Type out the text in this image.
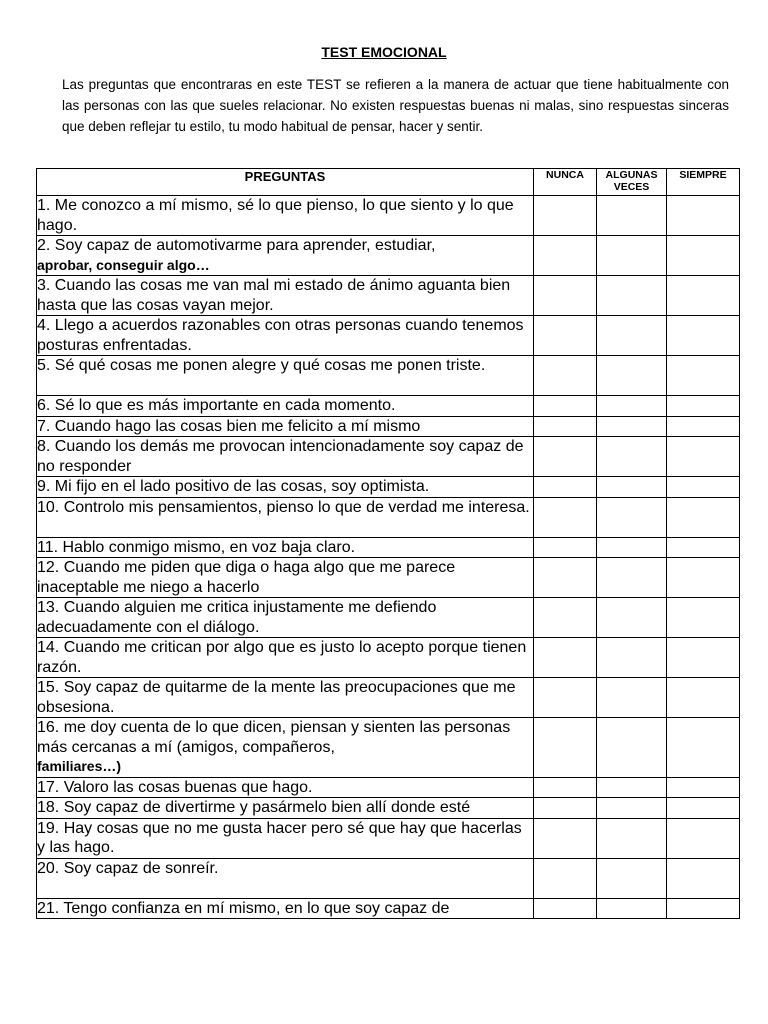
TEST EMOCIONAL
Las preguntas que encontraras en este TEST se refieren a la manera de actuar que tiene habitualmente con las personas con las que sueles relacionar. No existen respuestas buenas ni malas, sino respuestas sinceras que deben reflejar tu estilo, tu modo habitual de pensar, hacer y sentir.
PREGUNTAS	NUNCA	ALGUNAS VECES	SIEMPRE
1. Me conozco a mí mismo, sé lo que pienso, lo que siento y lo que hago.			
2. Soy capaz de automotivarme para aprender, estudiar,
aprobar, conseguir algo…			
3. Cuando las cosas me van mal mi estado de ánimo aguanta bien hasta que las cosas vayan mejor.			
4. Llego a acuerdos razonables con otras personas cuando tenemos posturas enfrentadas.			
5. Sé qué cosas me ponen alegre y qué cosas me ponen triste.			
6. Sé lo que es más importante en cada momento.			
7. Cuando hago las cosas bien me felicito a mí mismo			
8. Cuando los demás me provocan intencionadamente soy capaz de no responder			
9. Mi fijo en el lado positivo de las cosas, soy optimista.			
10. Controlo mis pensamientos, pienso lo que de verdad me interesa.			
11. Hablo conmigo mismo, en voz baja claro.			
12. Cuando me piden que diga o haga algo que me parece inaceptable me niego a hacerlo			
13. Cuando alguien me critica injustamente me defiendo adecuadamente con el diálogo.			
14. Cuando me critican por algo que es justo lo acepto porque tienen razón.			
15. Soy capaz de quitarme de la mente las preocupaciones que me obsesiona.			
16. me doy cuenta de lo que dicen, piensan y sienten las personas más cercanas a mí (amigos, compañeros,
familiares…)			
17. Valoro las cosas buenas que hago.			
18. Soy capaz de divertirme y pasármelo bien allí donde esté			
19. Hay cosas que no me gusta hacer pero sé que hay que hacerlas y las hago.			
20. Soy capaz de sonreír.			
21. Tengo confianza en mí mismo, en lo que soy capaz de			
